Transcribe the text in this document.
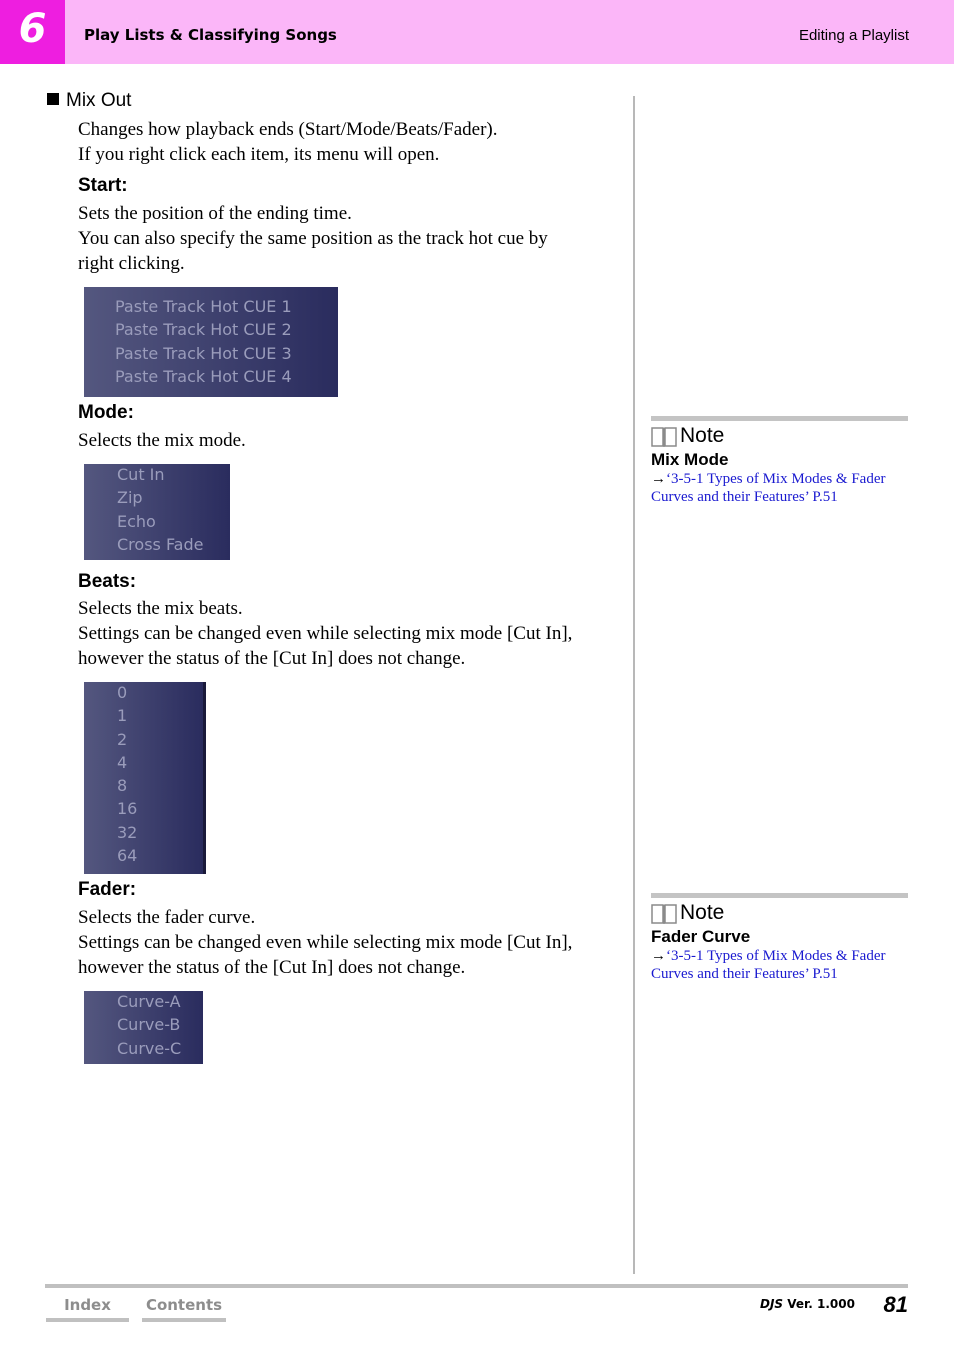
6	Play Lists & Classifying Songs	Editing a Playlist
Mix Out

Changes how playback ends (Start/Mode/Beats/Fader).
If you right click each item, its menu will open.

Start:

Sets the position of the ending time.
You can also specify the same position as the track hot cue by
right clicking.

Paste Track Hot CUE 1
Paste Track Hot CUE 2
Paste Track Hot CUE 3
Paste Track Hot CUE 4
Mode:

Selects the mix mode.

Cut In
Zip
Echo
Cross Fade
Beats:

Selects the mix beats.
Settings can be changed even while selecting mix mode [Cut In],
however the status of the [Cut In] does not change.

0
1
2
4
8
16
32
64
Fader:

Selects the fader curve.
Settings can be changed even while selecting mix mode [Cut In],
however the status of the [Cut In] does not change.

Curve-A
Curve-B
Curve-C
Note
Mix Mode
→‘3-5-1 Types of Mix Modes & Fader
Curves and their Features’ P.51
Note
Fader Curve
→‘3-5-1 Types of Mix Modes & Fader
Curves and their Features’ P.51
Index	Contents	DJS Ver. 1.000 81
